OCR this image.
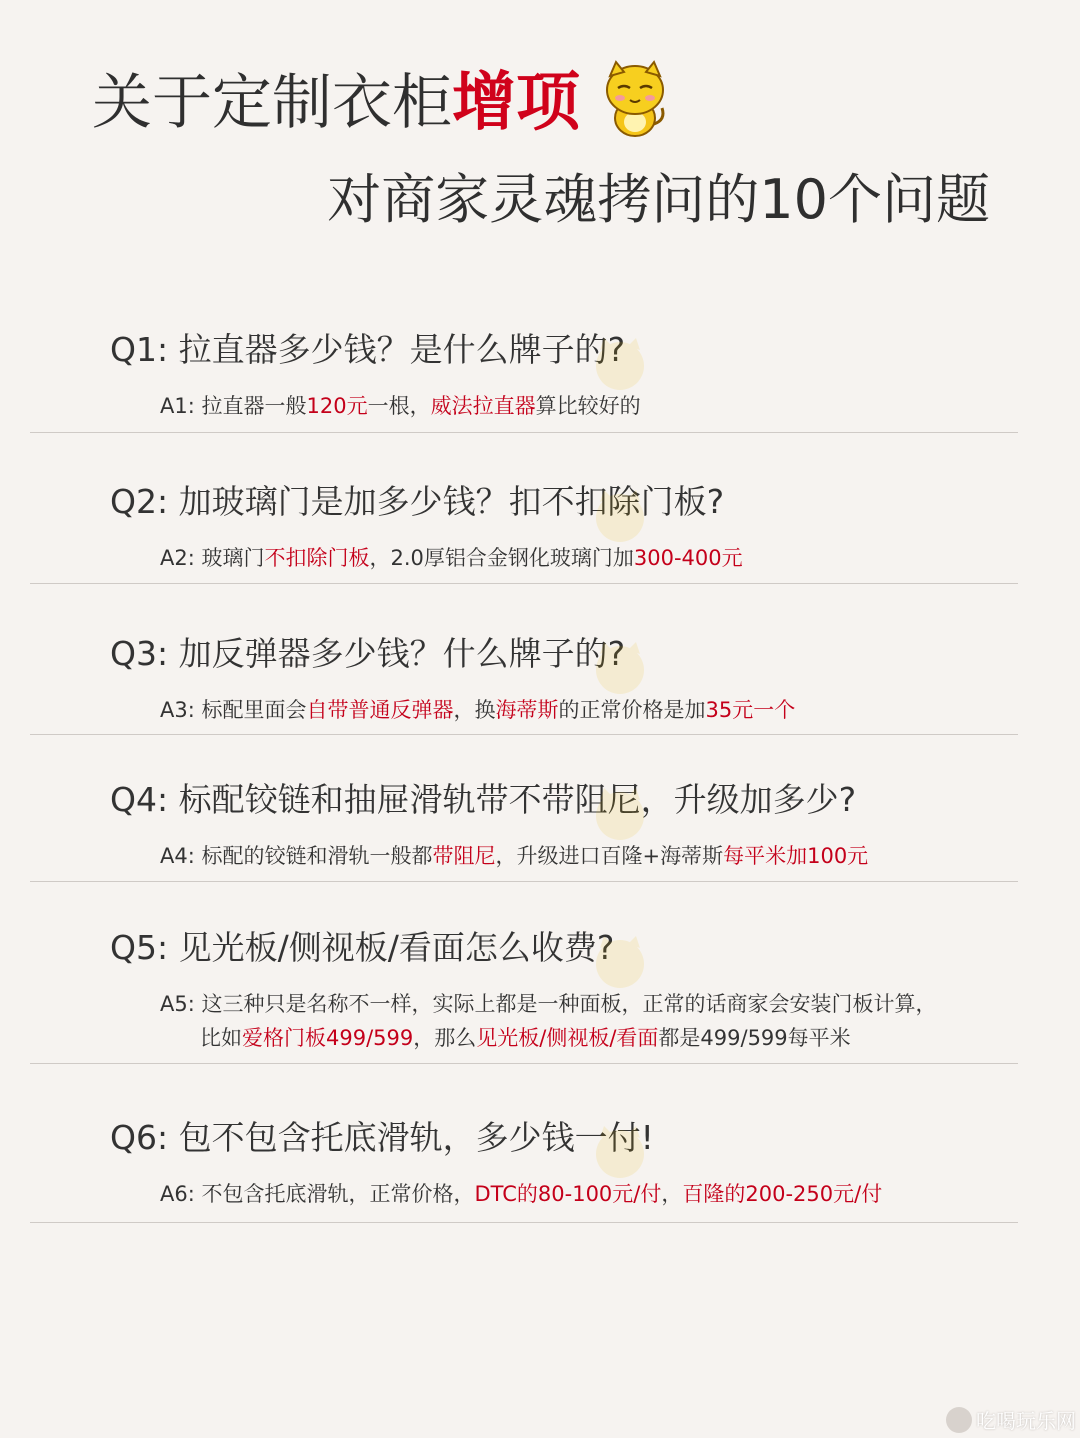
关于定制衣柜 增项
对商家灵魂拷问的10个问题
Q1: 拉直器多少钱？是什么牌子的?
A1: 拉直器一般120元一根，威法拉直器算比较好的
Q2: 加玻璃门是加多少钱？扣不扣除门板?
A2: 玻璃门不扣除门板，2.0厚铝合金钢化玻璃门加300-400元
Q3: 加反弹器多少钱？什么牌子的?
A3: 标配里面会自带普通反弹器，换海蒂斯的正常价格是加35元一个
Q4: 标配铰链和抽屉滑轨带不带阻尼，升级加多少?
A4: 标配的铰链和滑轨一般都带阻尼，升级进口百隆+海蒂斯每平米加100元
Q5: 见光板/侧视板/看面怎么收费?
A5: 这三种只是名称不一样，实际上都是一种面板，正常的话商家会安装门板计算，
比如爱格门板499/599，那么见光板/侧视板/看面都是499/599每平米
Q6: 包不包含托底滑轨，多少钱一付!
A6: 不包含托底滑轨，正常价格，DTC的80-100元/付，百隆的200-250元/付
吃喝玩乐网
